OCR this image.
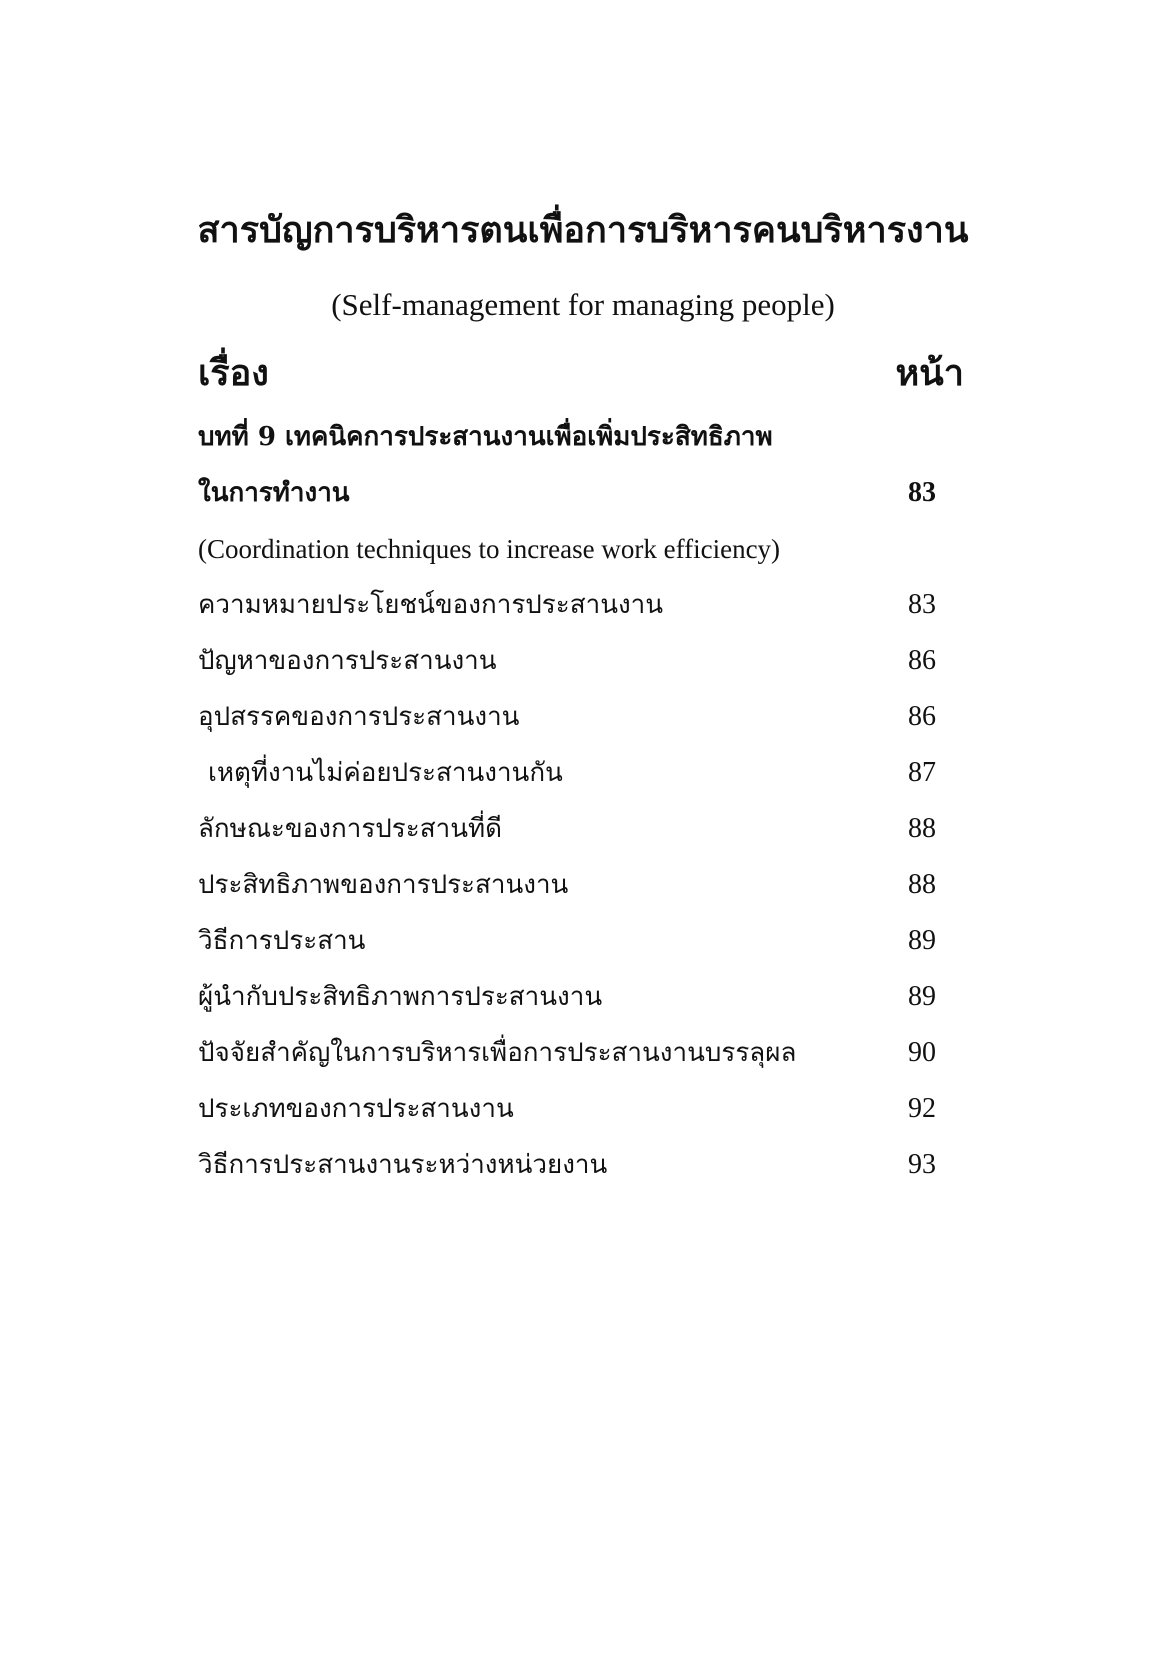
สารบัญการบริหารตนเพื่อการบริหารคนบริหารงาน
(Self-management for managing people)
เรื่อง	หน้า
บทที่ 9 เทคนิคการประสานงานเพื่อเพิ่มประสิทธิภาพ
ในการทำงาน	83
(Coordination techniques to increase work efficiency)
ความหมายประโยชน์ของการประสานงาน	83
ปัญหาของการประสานงาน	86
อุปสรรคของการประสานงาน	86
เหตุที่งานไม่ค่อยประสานงานกัน	87
ลักษณะของการประสานที่ดี	88
ประสิทธิภาพของการประสานงาน	88
วิธีการประสาน	89
ผู้นำกับประสิทธิภาพการประสานงาน	89
ปัจจัยสำคัญในการบริหารเพื่อการประสานงานบรรลุผล	90
ประเภทของการประสานงาน	92
วิธีการประสานงานระหว่างหน่วยงาน	93
